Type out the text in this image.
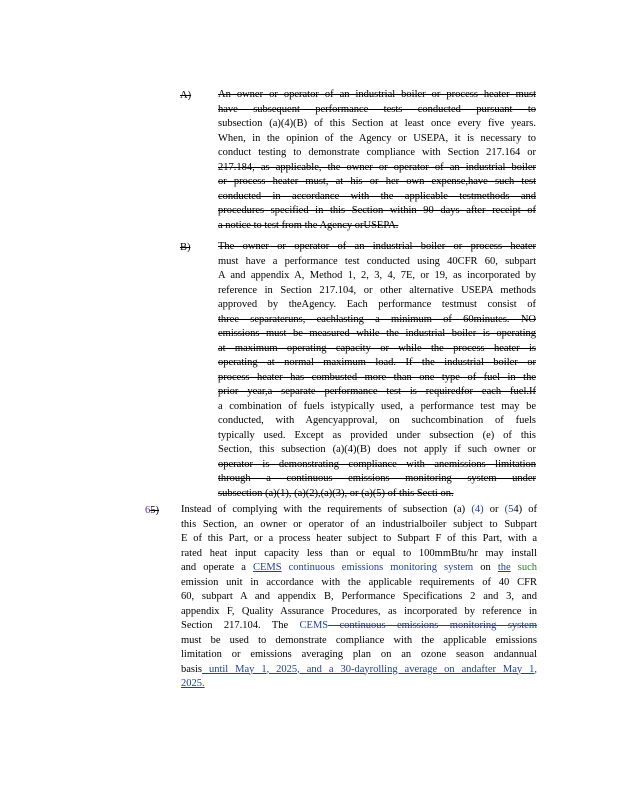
A)	An owner or operator of an industrial boiler or process heater must
have subsequent performance tests conducted pursuant to
subsection (a)(4)(B) of this Section at least once every five years.
When, in the opinion of the Agency or USEPA, it is necessary to
conduct testing to demonstrate compliance with Section 217.164 or
217.184, as applicable, the owner or operator of an industrial boiler
or process heater must, at his or her own expense,have such test
conducted in accordance with the applicable testmethods and
procedures specified in this Section within 90 days after receipt of
a notice to test from the Agency orUSEPA.
B)	The owner or operator of an industrial boiler or process heater
must have a performance test conducted using 40CFR 60, subpart
A and appendix A, Method 1, 2, 3, 4, 7E, or 19, as incorporated by
reference in Section 217.104, or other alternative USEPA methods
approved by theAgency. Each performance testmust consist of
three separateruns, eachlasting a minimum of 60minutes. NO
emissions must be measured while the industrial boiler is operating
at maximum operating capacity or while the process heater is
operating at normal maximum load. If the industrial boiler or
process heater has combusted more than one type of fuel in the
prior year,a separate performance test is requiredfor each fuel.If
a combination of fuels istypically used, a performance test may be
conducted, with Agencyapproval, on suchcombination of fuels
typically used. Except as provided under subsection (e) of this
Section, this subsection (a)(4)(B) does not apply if such owner or
operator is demonstrating compliance with anemissions limitation
through a continuous emissions monitoring system under
subsection (a)(1), (a)(2),(a)(3), or (a)(5) of this Secti on.
65) Instead of complying with the requirements of subsection (a) (4) or (54) of
this Section, an owner or operator of an industrialboiler subject to Subpart
E of this Part, or a process heater subject to Subpart F of this Part, with a
rated heat input capacity less than or equal to 100mmBtu/hr may install
and operate a CEMS continuous emissions monitoring system on the such
emission unit in accordance with the applicable requirements of 40 CFR
60, subpart A and appendix B, Performance Specifications 2 and 3, and
appendix F, Quality Assurance Procedures, as incorporated by reference in
Section 217.104. The CEMS continuous emissions monitoring system
must be used to demonstrate compliance with the applicable emissions
limitation or emissions averaging plan on an ozone season andannual
basis until May 1, 2025, and a 30-dayrolling average on andafter May 1,
2025.
